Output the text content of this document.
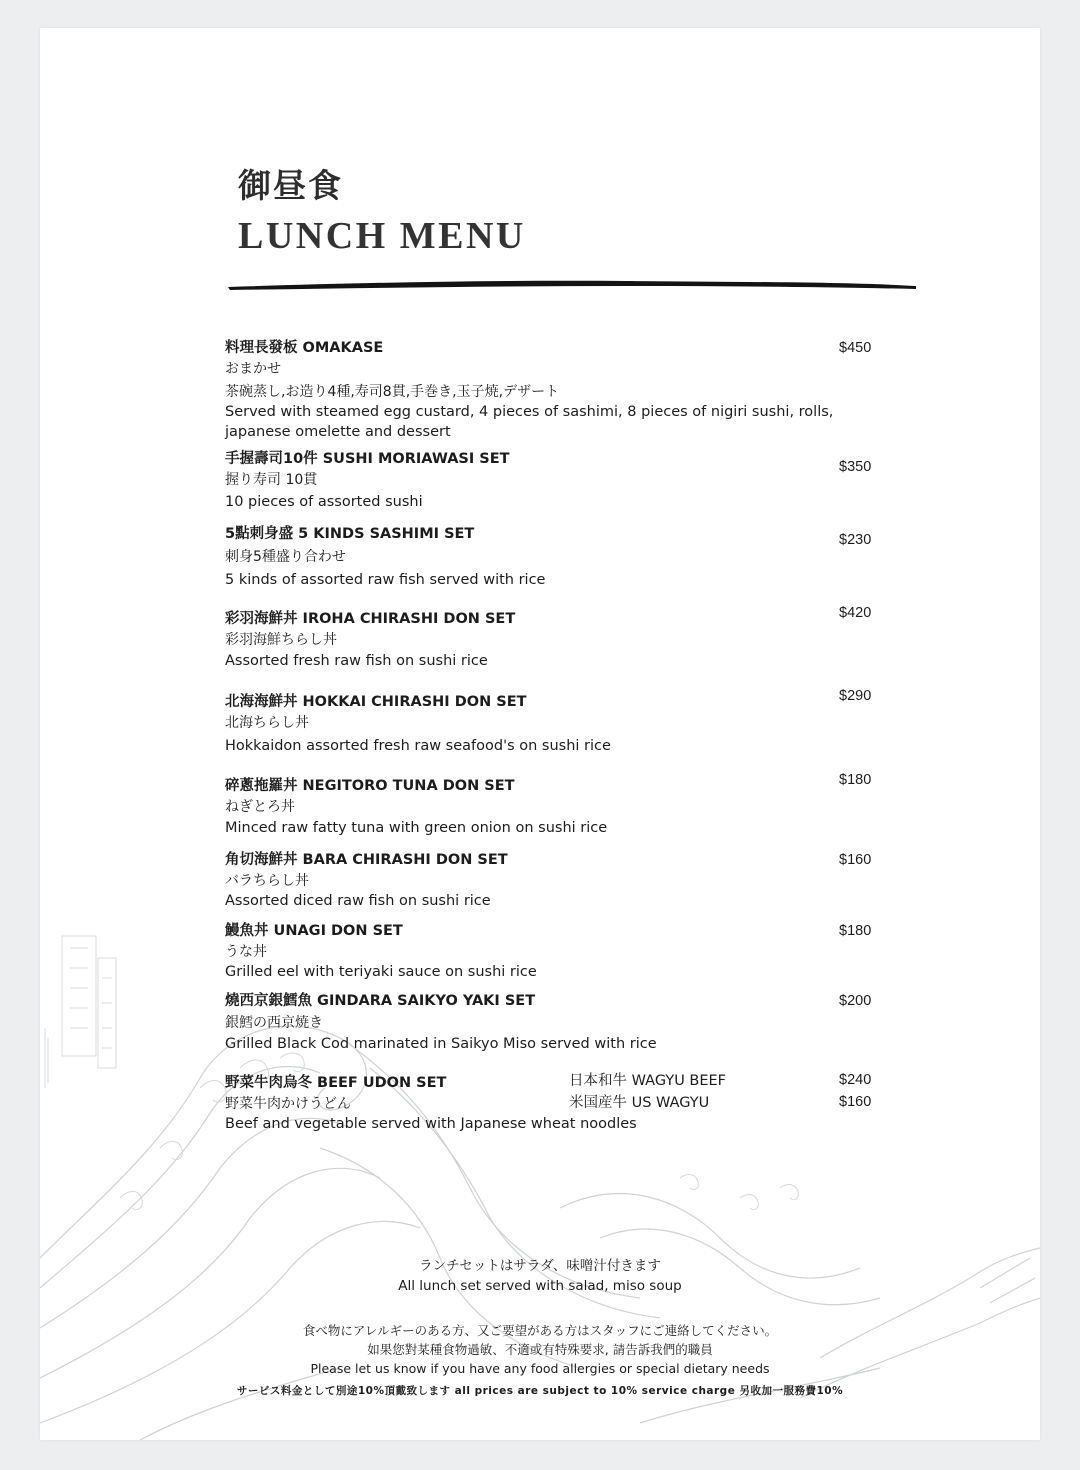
御昼食
LUNCH MENU
料理長發板 OMAKASE
おまかせ
茶碗蒸し,お造り4種,寿司8貫,手巻き,玉子焼,デザート
Served with steamed egg custard, 4 pieces of sashimi, 8 pieces of nigiri sushi, rolls, japanese omelette and dessert
$450
手握壽司10件 SUSHI MORIAWASI SET
握り寿司 10貫
10 pieces of assorted sushi
$350
5點刺身盛 5 KINDS SASHIMI SET
刺身5種盛り合わせ
5 kinds of assorted raw fish served with rice
$230
彩羽海鮮丼 IROHA CHIRASHI DON SET
彩羽海鮮ちらし丼
Assorted fresh raw fish on sushi rice
$420
北海海鮮丼 HOKKAI CHIRASHI DON SET
北海ちらし丼
Hokkaidon assorted fresh raw seafood's on sushi rice
$290
碎蔥拖羅丼 NEGITORO TUNA DON SET
ねぎとろ丼
Minced raw fatty tuna with green onion on sushi rice
$180
角切海鮮丼 BARA CHIRASHI DON SET
バラちらし丼
Assorted diced raw fish on sushi rice
$160
鰻魚丼 UNAGI DON SET
うな丼
Grilled eel with teriyaki sauce on sushi rice
$180
燒西京銀鱈魚 GINDARA SAIKYO YAKI SET
銀鱈の西京焼き
Grilled Black Cod marinated in Saikyo Miso served with rice
$200
野菜牛肉烏冬 BEEF UDON SET
野菜牛肉かけうどん
Beef and vegetable served with Japanese wheat noodles
日本和牛 WAGYU BEEF
米国産牛 US WAGYU
$240
$160
ランチセットはサラダ、味噌汁付きます
All lunch set served with salad, miso soup
食べ物にアレルギーのある方、又ご要望がある方はスタッフにご連絡してください。
如果您對某種食物過敏、不適或有特殊要求, 請告訴我們的職員
Please let us know if you have any food allergies or special dietary needs
サービス料金として別途10%頂戴致します all prices are subject to 10% service charge 另收加一服務費10%
